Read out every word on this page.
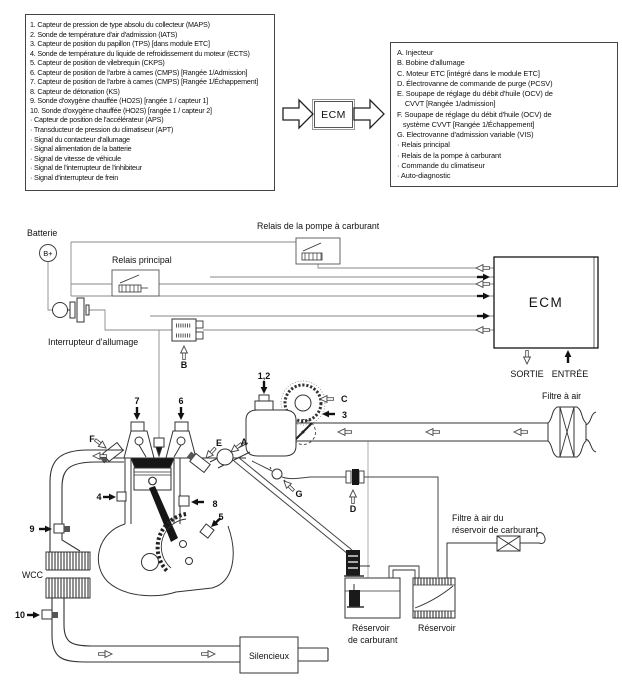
1. Capteur de pression de type absolu du collecteur (MAPS)
2. Sonde de température d'air d'admission (IATS)
3. Capteur de position du papillon (TPS) [dans module ETC]
4. Sonde de température du liquide de refroidissement du moteur (ECTS)
5. Capteur de position de vilebrequin (CKPS)
6. Capteur de position de l'arbre à cames (CMPS) [Rangée 1/Admission]
7. Capteur de position de l'arbre à cames (CMPS) [Rangée 1/Échappement]
8. Capteur de détonation (KS)
9. Sonde d'oxygène chauffée (HO2S) [rangée 1 / capteur 1]
10. Sonde d'oxygène chauffée (HO2S) [rangée 1 / capteur 2]
· Capteur de position de l'accélérateur (APS)
· Transducteur de pression du climatiseur (APT)
· Signal du contacteur d'allumage
· Signal alimentation de la batterie
· Signal de vitesse de véhicule
· Signal de l'interrupteur de l'inhibiteur
· Signal d'interrupteur de frein
ECM
A. Injecteur
B. Bobine d'allumage
C. Moteur ETC [intégré dans le module ETC]
D. Électrovanne de commande de purge (PCSV)
E. Soupape de réglage du débit d'huile (OCV) de
CVVT [Rangée 1/admission]
F. Soupape de réglage du débit d'huile (OCV) de
système CVVT [Rangée 1/Échappement]
G. Electrovanne d'admission variable (VIS)
· Relais principal
· Relais de la pompe à carburant
· Commande du climatiseur
· Auto-diagnostic
Batterie
B+
Interrupteur d'allumage
Relais principal
Relais de la pompe à carburant
B
ECM
SORTIE ENTRÉE
Filtre à air
C
3
1,2
F	E A
7	6
4
8
5
9
10
WCC
Silencieux
G
D
Réservoir
de carburant
Réservoir
Filtre à air du
réservoir de carburant
